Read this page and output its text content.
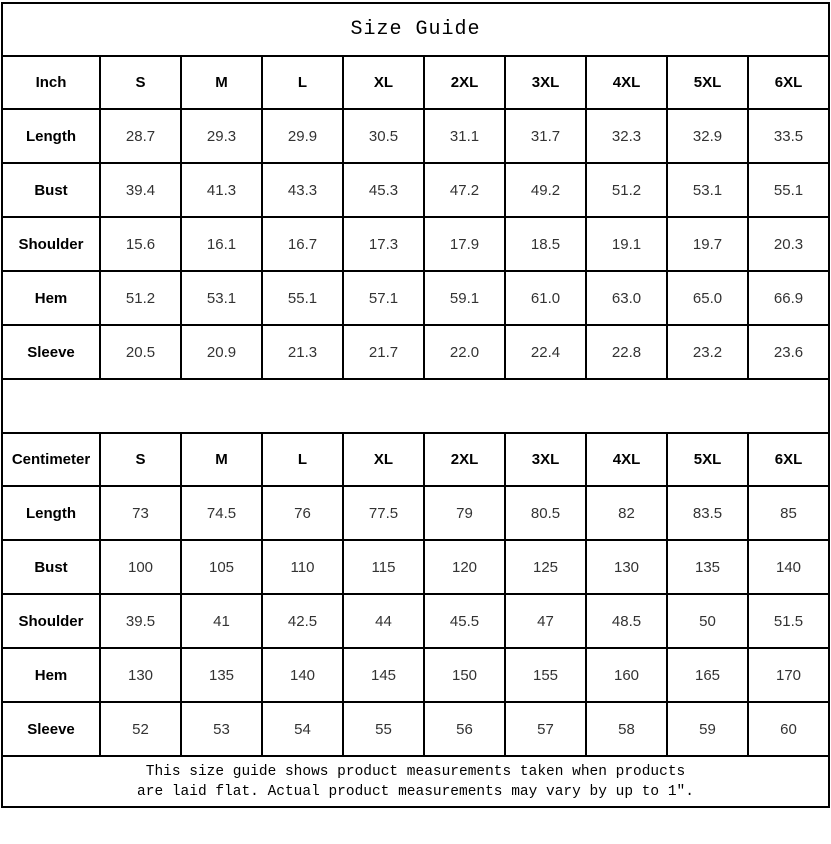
Size Guide									
Inch	S	M	L	XL	2XL	3XL	4XL	5XL	6XL
Length	28.7	29.3	29.9	30.5	31.1	31.7	32.3	32.9	33.5
Bust	39.4	41.3	43.3	45.3	47.2	49.2	51.2	53.1	55.1
Shoulder	15.6	16.1	16.7	17.3	17.9	18.5	19.1	19.7	20.3
Hem	51.2	53.1	55.1	57.1	59.1	61.0	63.0	65.0	66.9
Sleeve	20.5	20.9	21.3	21.7	22.0	22.4	22.8	23.2	23.6

Centimeter	S	M	L	XL	2XL	3XL	4XL	5XL	6XL
Length	73	74.5	76	77.5	79	80.5	82	83.5	85
Bust	100	105	110	115	120	125	130	135	140
Shoulder	39.5	41	42.5	44	45.5	47	48.5	50	51.5
Hem	130	135	140	145	150	155	160	165	170
Sleeve	52	53	54	55	56	57	58	59	60

This size guide shows product measurements taken when products
are laid flat. Actual product measurements may vary by up to 1″.									
